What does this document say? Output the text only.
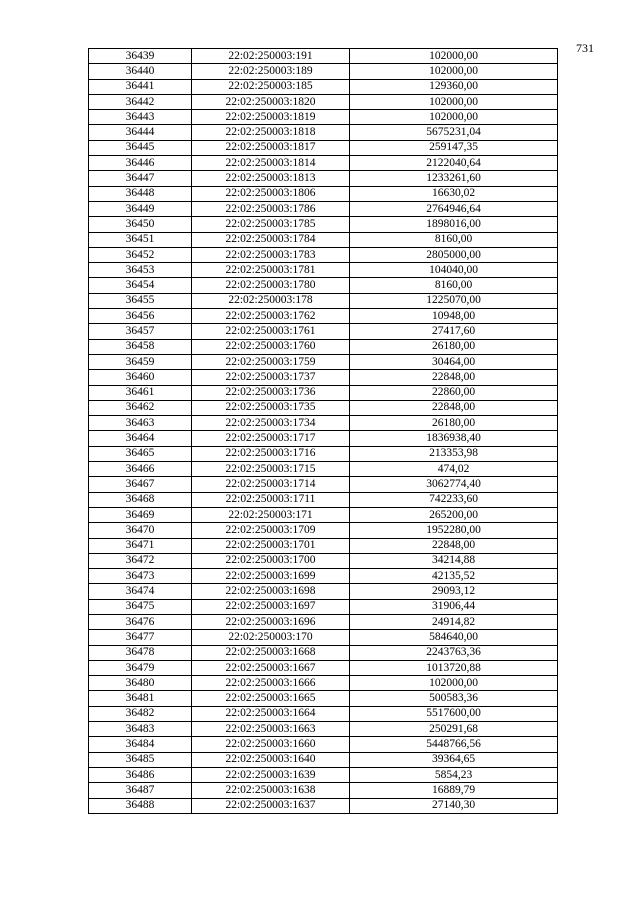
731
36439	22:02:250003:191	102000,00
36440	22:02:250003:189	102000,00
36441	22:02:250003:185	129360,00
36442	22:02:250003:1820	102000,00
36443	22:02:250003:1819	102000,00
36444	22:02:250003:1818	5675231,04
36445	22:02:250003:1817	259147,35
36446	22:02:250003:1814	2122040,64
36447	22:02:250003:1813	1233261,60
36448	22:02:250003:1806	16630,02
36449	22:02:250003:1786	2764946,64
36450	22:02:250003:1785	1898016,00
36451	22:02:250003:1784	8160,00
36452	22:02:250003:1783	2805000,00
36453	22:02:250003:1781	104040,00
36454	22:02:250003:1780	8160,00
36455	22:02:250003:178	1225070,00
36456	22:02:250003:1762	10948,00
36457	22:02:250003:1761	27417,60
36458	22:02:250003:1760	26180,00
36459	22:02:250003:1759	30464,00
36460	22:02:250003:1737	22848,00
36461	22:02:250003:1736	22860,00
36462	22:02:250003:1735	22848,00
36463	22:02:250003:1734	26180,00
36464	22:02:250003:1717	1836938,40
36465	22:02:250003:1716	213353,98
36466	22:02:250003:1715	474,02
36467	22:02:250003:1714	3062774,40
36468	22:02:250003:1711	742233,60
36469	22:02:250003:171	265200,00
36470	22:02:250003:1709	1952280,00
36471	22:02:250003:1701	22848,00
36472	22:02:250003:1700	34214,88
36473	22:02:250003:1699	42135,52
36474	22:02:250003:1698	29093,12
36475	22:02:250003:1697	31906,44
36476	22:02:250003:1696	24914,82
36477	22:02:250003:170	584640,00
36478	22:02:250003:1668	2243763,36
36479	22:02:250003:1667	1013720,88
36480	22:02:250003:1666	102000,00
36481	22:02:250003:1665	500583,36
36482	22:02:250003:1664	5517600,00
36483	22:02:250003:1663	250291,68
36484	22:02:250003:1660	5448766,56
36485	22:02:250003:1640	39364,65
36486	22:02:250003:1639	5854,23
36487	22:02:250003:1638	16889,79
36488	22:02:250003:1637	27140,30
